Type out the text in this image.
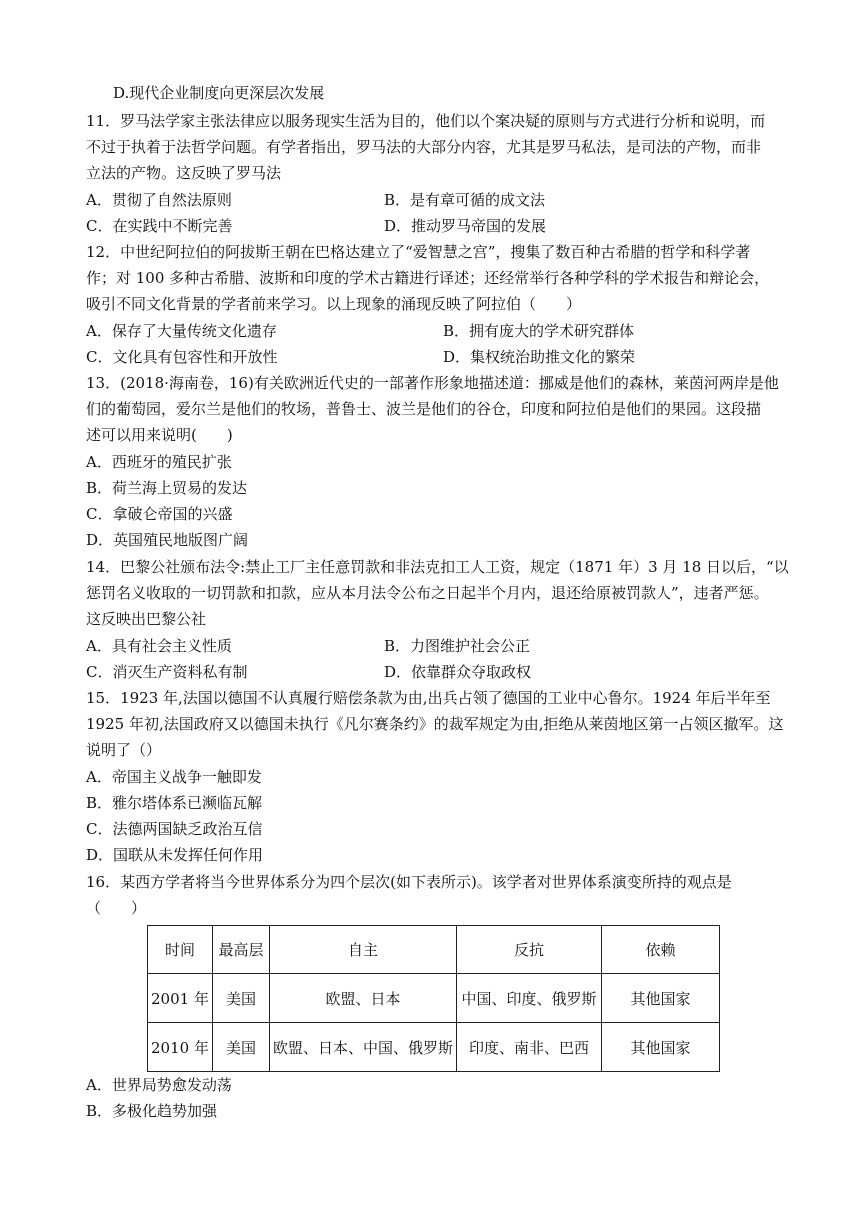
D.现代企业制度向更深层次发展
11．罗马法学家主张法律应以服务现实生活为目的，他们以个案决疑的原则与方式进行分析和说明，而
不过于执着于法哲学问题。有学者指出，罗马法的大部分内容，尤其是罗马私法，是司法的产物，而非
立法的产物。这反映了罗马法
A．贯彻了自然法原则	B．是有章可循的成文法
C．在实践中不断完善	D．推动罗马帝国的发展
12．中世纪阿拉伯的阿拔斯王朝在巴格达建立了“爱智慧之宫”，搜集了数百种古希腊的哲学和科学著
作；对 100 多种古希腊、波斯和印度的学术古籍进行译述；还经常举行各种学科的学术报告和辩论会，
吸引不同文化背景的学者前来学习。以上现象的涌现反映了阿拉伯（　　）
A．保存了大量传统文化遗存	B．拥有庞大的学术研究群体
C．文化具有包容性和开放性	D．集权统治助推文化的繁荣
13．(2018·海南卷，16)有关欧洲近代史的一部著作形象地描述道：挪威是他们的森林，莱茵河两岸是他
们的葡萄园，爱尔兰是他们的牧场，普鲁士、波兰是他们的谷仓，印度和阿拉伯是他们的果园。这段描
述可以用来说明(　　)
A．西班牙的殖民扩张
B．荷兰海上贸易的发达
C．拿破仑帝国的兴盛
D．英国殖民地版图广阔
14．巴黎公社颁布法令:禁止工厂主任意罚款和非法克扣工人工资，规定（1871 年）3 月 18 日以后，“以
惩罚名义收取的一切罚款和扣款，应从本月法令公布之日起半个月内，退还给原被罚款人”，违者严惩。
这反映出巴黎公社
A．具有社会主义性质	B．力图维护社会公正
C．消灭生产资料私有制	D．依靠群众夺取政权
15．1923 年,法国以德国不认真履行赔偿条款为由,出兵占领了德国的工业中心鲁尔。1924 年后半年至
1925 年初,法国政府又以德国未执行《凡尔赛条约》的裁军规定为由,拒绝从莱茵地区第一占领区撤军。这
说明了（）
A．帝国主义战争一触即发
B．雅尔塔体系已濒临瓦解
C．法德两国缺乏政治互信
D．国联从未发挥任何作用
16．某西方学者将当今世界体系分为四个层次(如下表所示)。该学者对世界体系演变所持的观点是
（　　）
时间	最高层	自主	反抗	依赖
2001 年	美国	欧盟、日本	中国、印度、俄罗斯	其他国家
2010 年	美国	欧盟、日本、中国、俄罗斯	印度、南非、巴西	其他国家
A．世界局势愈发动荡
B．多极化趋势加强
